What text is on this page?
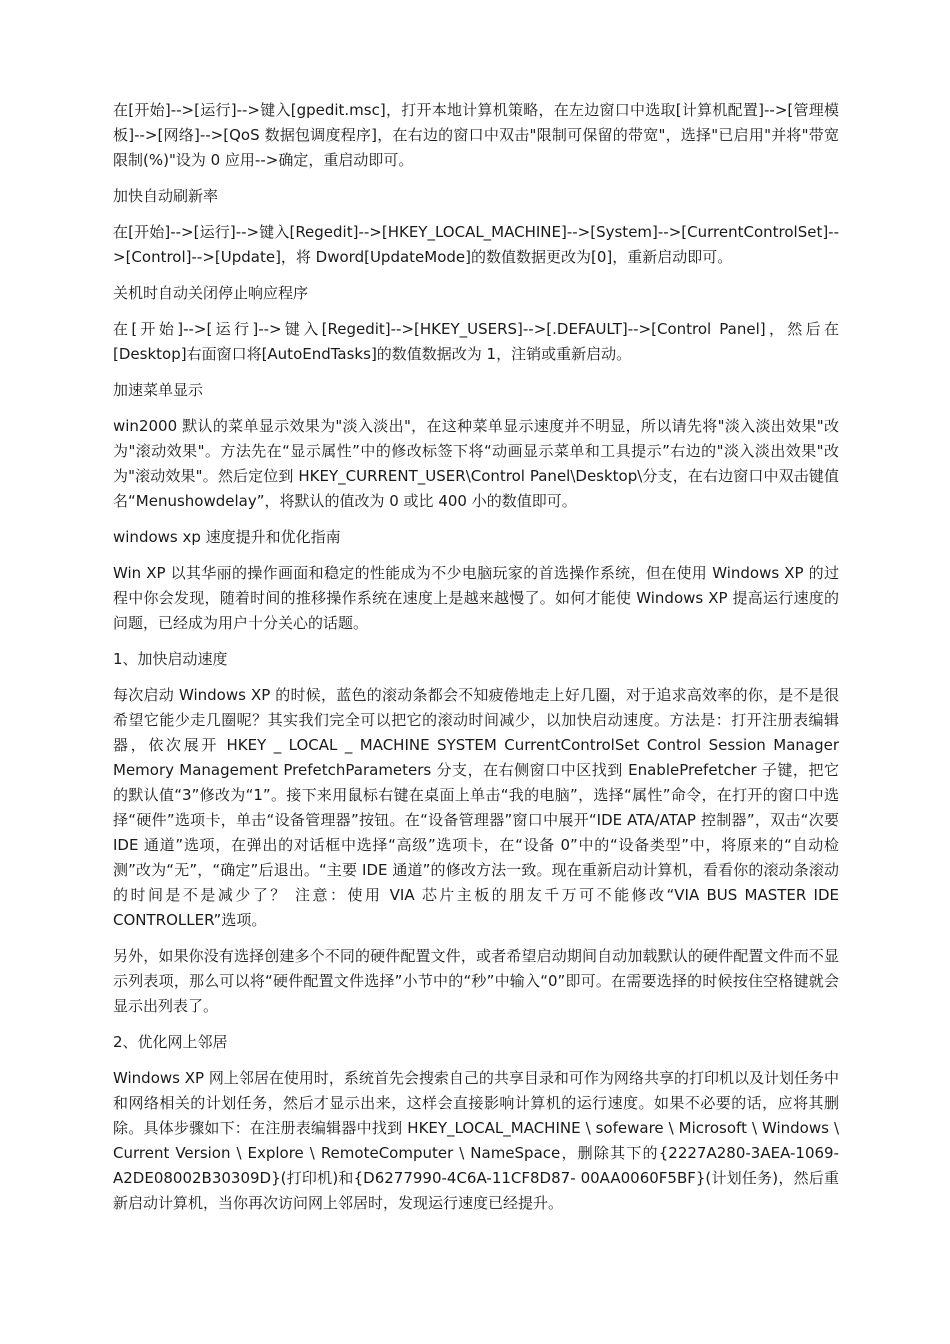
在[开始]-->[运行]-->键入[gpedit.msc]，打开本地计算机策略，在左边窗口中选取[计算机配置]-->[管理模板]-->[网络]-->[QoS 数据包调度程序]，在右边的窗口中双击"限制可保留的带宽"，选择"已启用"并将"带宽限制(%)"设为 0 应用-->确定，重启动即可。

加快自动刷新率

在[开始]-->[运行]-->键入[Regedit]-->[HKEY_LOCAL_MACHINE]-->[System]-->[CurrentControlSet]-->[Control]-->[Update]，将 Dword[UpdateMode]的数值数据更改为[0]，重新启动即可。

关机时自动关闭停止响应程序

在[开始]-->[运行]-->键入[Regedit]-->[HKEY_USERS]-->[.DEFAULT]-->[Control Panel]，然后在[Desktop]右面窗口将[AutoEndTasks]的数值数据改为 1，注销或重新启动。

加速菜单显示

win2000 默认的菜单显示效果为"淡入淡出"，在这种菜单显示速度并不明显，所以请先将"淡入淡出效果"改为"滚动效果"。方法先在“显示属性”中的修改标签下将“动画显示菜单和工具提示”右边的"淡入淡出效果"改为"滚动效果"。然后定位到 HKEY_CURRENT_USER\Control Panel\Desktop\分支，在右边窗口中双击键值名“Menushowdelay”，将默认的值改为 0 或比 400 小的数值即可。

windows xp 速度提升和优化指南

Win XP 以其华丽的操作画面和稳定的性能成为不少电脑玩家的首选操作系统，但在使用 Windows XP 的过程中你会发现，随着时间的推移操作系统在速度上是越来越慢了。如何才能使 Windows XP 提高运行速度的问题，已经成为用户十分关心的话题。

1、加快启动速度

每次启动 Windows XP 的时候，蓝色的滚动条都会不知疲倦地走上好几圈，对于追求高效率的你，是不是很希望它能少走几圈呢？其实我们完全可以把它的滚动时间减少，以加快启动速度。方法是：打开注册表编辑器，依次展开 HKEY _ LOCAL _ MACHINE SYSTEM CurrentControlSet Control Session Manager Memory Management PrefetchParameters 分支，在右侧窗口中区找到 EnablePrefetcher 子键，把它的默认值“3”修改为“1”。接下来用鼠标右键在桌面上单击“我的电脑”，选择“属性”命令，在打开的窗口中选择“硬件”选项卡，单击“设备管理器”按钮。在“设备管理器”窗口中展开“IDE ATA/ATAP 控制器”，双击“次要 IDE 通道”选项，在弹出的对话框中选择“高级”选项卡，在“设备 0”中的“设备类型”中，将原来的“自动检测”改为“无”，“确定”后退出。“主要 IDE 通道”的修改方法一致。现在重新启动计算机，看看你的滚动条滚动的时间是不是减少了？ 注意：使用 VIA 芯片主板的朋友千万可不能修改“VIA BUS MASTER IDE CONTROLLER”选项。

另外，如果你没有选择创建多个不同的硬件配置文件，或者希望启动期间自动加载默认的硬件配置文件而不显示列表项，那么可以将“硬件配置文件选择”小节中的“秒”中输入“0”即可。在需要选择的时候按住空格键就会显示出列表了。

2、优化网上邻居

Windows XP 网上邻居在使用时，系统首先会搜索自己的共享目录和可作为网络共享的打印机以及计划任务中和网络相关的计划任务，然后才显示出来，这样会直接影响计算机的运行速度。如果不必要的话，应将其删除。具体步骤如下：在注册表编辑器中找到 HKEY_LOCAL_MACHINE \ sofeware \ Microsoft \ Windows \ Current Version \ Explore \ RemoteComputer \ NameSpace，删除其下的{2227A280-3AEA-1069-A2DE08002B30309D}(打印机)和{D6277990-4C6A-11CF8D87- 00AA0060F5BF}(计划任务)，然后重新启动计算机，当你再次访问网上邻居时，发现运行速度已经提升。
